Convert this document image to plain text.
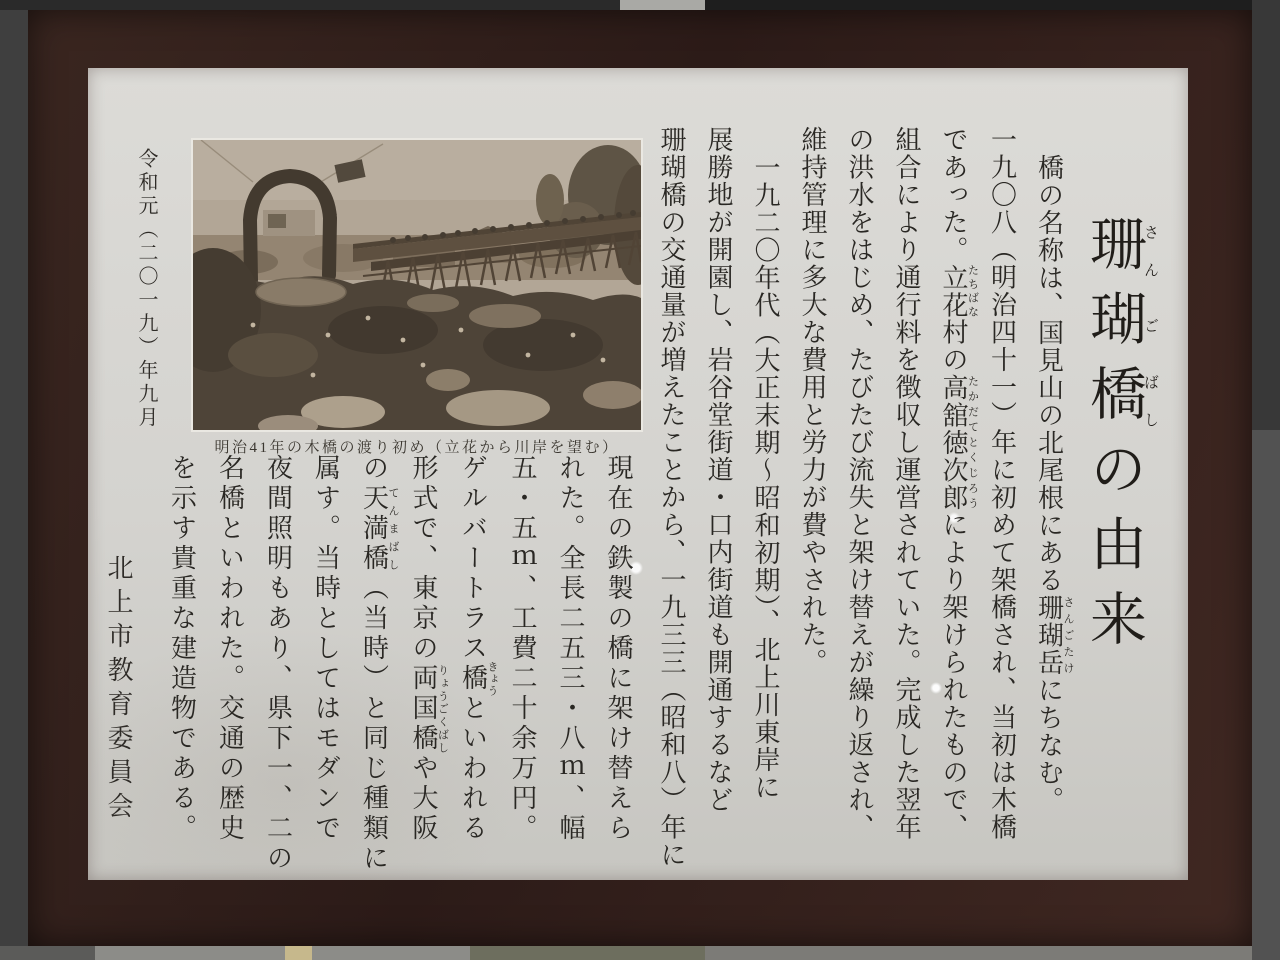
珊さん瑚ご橋ばしの由来

橋の名称は、国見山の北尾根にある珊瑚岳さんごたけにちなむ。

一九〇八（明治四十一）年に初めて架橋され、当初は木橋

であった。立花たちばな村の高舘徳次郎たかだてとくじろうにより架けられたもので、

組合により通行料を徴収し運営されていた。完成した翌年

の洪水をはじめ、たびたび流失と架け替えが繰り返され、

維持管理に多大な費用と労力が費やされた。

一九二〇年代（大正末期〜昭和初期）、北上川東岸に

展勝地が開園し、岩谷堂街道・口内街道も開通するなど

珊瑚橋の交通量が増えたことから、一九三三（昭和八）年に

明治41年の木橋の渡り初め（立花から川岸を望む）

現在の鉄製の橋に架け替えら

れた。全長二五三・八ｍ、幅

五・五ｍ、工費二十余万円。

ゲルバートラス橋きょうといわれる

形式で、東京の両国橋りょうごくばしや大阪

の天満橋てんまばし（当時）と同じ種類に

属す。当時としてはモダンで

夜間照明もあり、県下一、二の

名橋といわれた。交通の歴史

を示す貴重な建造物である。

令和元（二〇一九）年九月
北上市教育委員会
